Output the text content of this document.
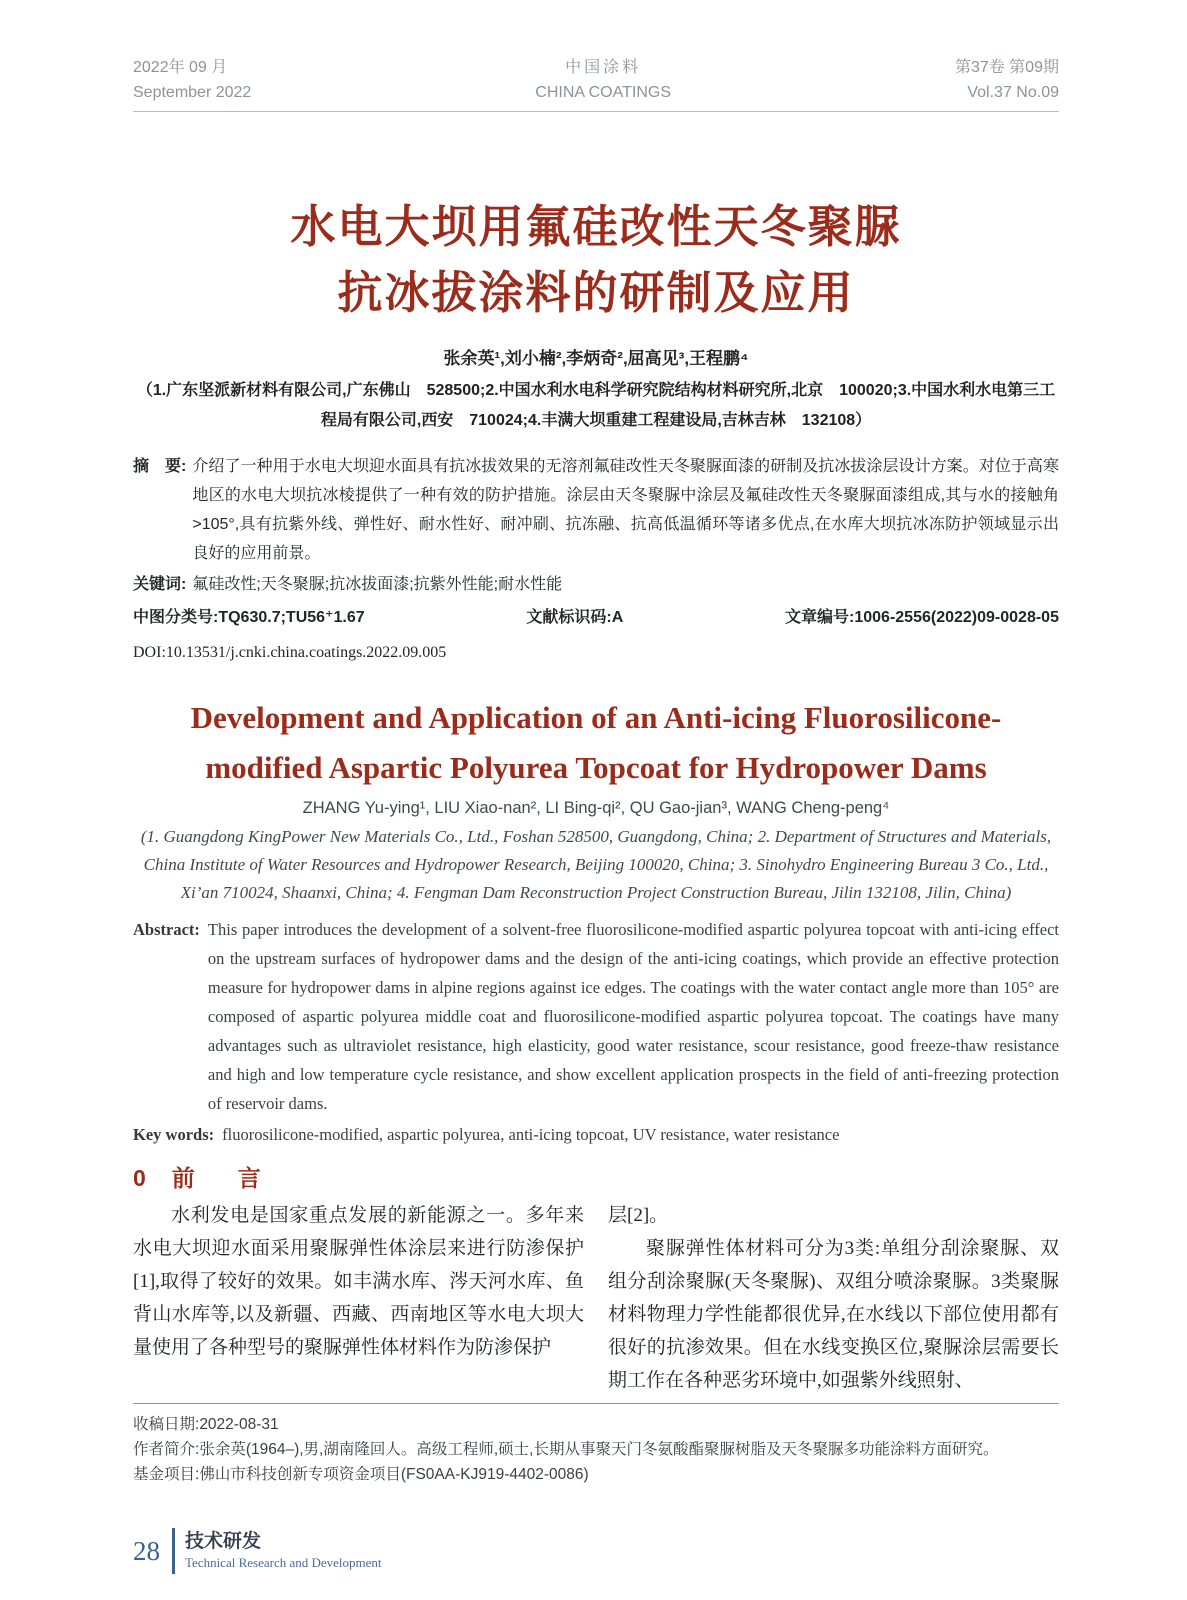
2022年 09 月
September 2022
中国涂料
CHINA COATINGS
第37卷 第09期
Vol.37 No.09
水电大坝用氟硅改性天冬聚脲
抗冰拔涂料的研制及应用
张余英¹,刘小楠²,李炳奇²,屈高见³,王程鹏⁴
（1.广东坚派新材料有限公司,广东佛山　528500;2.中国水利水电科学研究院结构材料研究所,北京　100020;3.中国水利水电第三工程局有限公司,西安　710024;4.丰满大坝重建工程建设局,吉林吉林　132108）
摘　要: 介绍了一种用于水电大坝迎水面具有抗冰拔效果的无溶剂氟硅改性天冬聚脲面漆的研制及抗冰拔涂层设计方案。对位于高寒地区的水电大坝抗冰棱提供了一种有效的防护措施。涂层由天冬聚脲中涂层及氟硅改性天冬聚脲面漆组成,其与水的接触角>105°,具有抗紫外线、弹性好、耐水性好、耐冲刷、抗冻融、抗高低温循环等诸多优点,在水库大坝抗冰冻防护领域显示出良好的应用前景。
关键词: 氟硅改性;天冬聚脲;抗冰拔面漆;抗紫外性能;耐水性能
中图分类号:TQ630.7;TU56⁺1.67	文献标识码:A	文章编号:1006-2556(2022)09-0028-05
DOI:10.13531/j.cnki.china.coatings.2022.09.005
Development and Application of an Anti-icing Fluorosilicone-
modified Aspartic Polyurea Topcoat for Hydropower Dams
ZHANG Yu-ying¹, LIU Xiao-nan², LI Bing-qi², QU Gao-jian³, WANG Cheng-peng⁴
(1. Guangdong KingPower New Materials Co., Ltd., Foshan 528500, Guangdong, China; 2. Department of Structures and Materials, China Institute of Water Resources and Hydropower Research, Beijing 100020, China; 3. Sinohydro Engineering Bureau 3 Co., Ltd., Xi’an 710024, Shaanxi, China; 4. Fengman Dam Reconstruction Project Construction Bureau, Jilin 132108, Jilin, China)
Abstract: This paper introduces the development of a solvent-free fluorosilicone-modified aspartic polyurea topcoat with anti-icing effect on the upstream surfaces of hydropower dams and the design of the anti-icing coatings, which provide an effective protection measure for hydropower dams in alpine regions against ice edges. The coatings with the water contact angle more than 105° are composed of aspartic polyurea middle coat and fluorosilicone-modified aspartic polyurea topcoat. The coatings have many advantages such as ultraviolet resistance, high elasticity, good water resistance, scour resistance, good freeze-thaw resistance and high and low temperature cycle resistance, and show excellent application prospects in the field of anti-freezing protection of reservoir dams.
Key words: fluorosilicone-modified, aspartic polyurea, anti-icing topcoat, UV resistance, water resistance
0 前　言

水利发电是国家重点发展的新能源之一。多年来水电大坝迎水面采用聚脲弹性体涂层来进行防渗保护[1],取得了较好的效果。如丰满水库、涔天河水库、鱼背山水库等,以及新疆、西藏、西南地区等水电大坝大量使用了各种型号的聚脲弹性体材料作为防渗保护

层[2]。

聚脲弹性体材料可分为3类:单组分刮涂聚脲、双组分刮涂聚脲(天冬聚脲)、双组分喷涂聚脲。3类聚脲材料物理力学性能都很优异,在水线以下部位使用都有很好的抗渗效果。但在水线变换区位,聚脲涂层需要长期工作在各种恶劣环境中,如强紫外线照射、

收稿日期:2022-08-31
作者简介:张余英(1964–),男,湖南隆回人。高级工程师,硕士,长期从事聚天门冬氨酸酯聚脲树脂及天冬聚脲多功能涂料方面研究。
基金项目:佛山市科技创新专项资金项目(FS0AA-KJ919-4402-0086)
28 技术研发
Technical Research and Development
